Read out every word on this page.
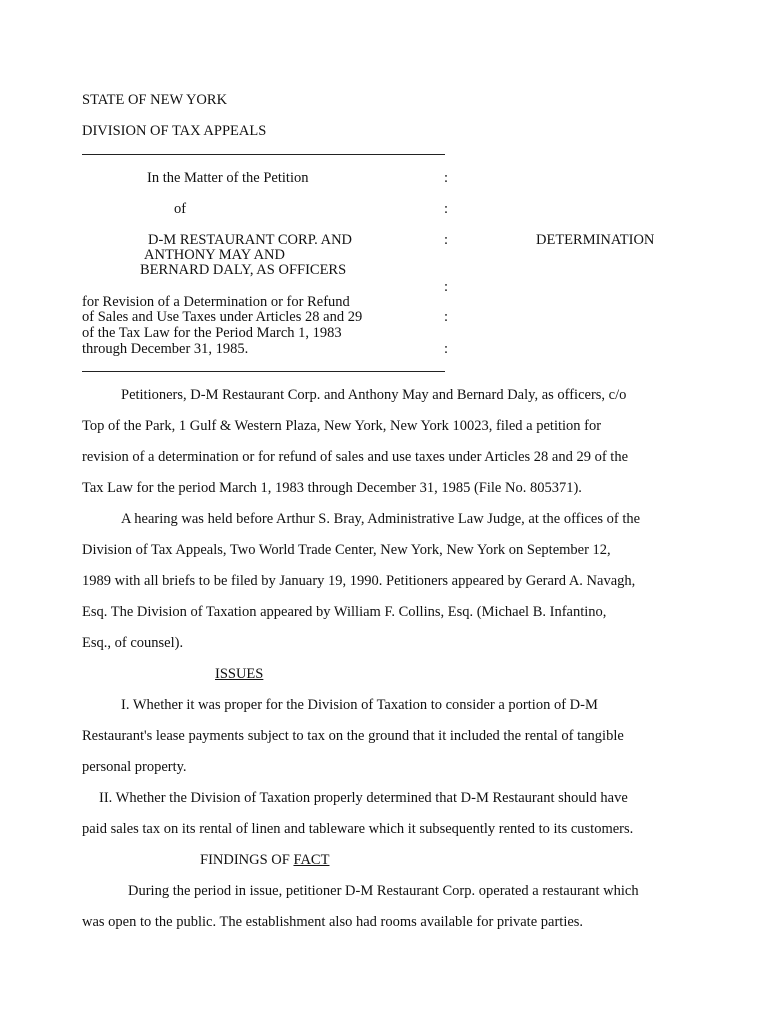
STATE OF NEW YORK
DIVISION OF TAX APPEALS
In the Matter of the Petition
of
D-M RESTAURANT CORP. AND
ANTHONY MAY AND
BERNARD DALY, AS OFFICERS
for Revision of a Determination or for Refund
of Sales and Use Taxes under Articles 28 and 29
of the Tax Law for the Period March 1, 1983
through December 31, 1985.
:
:
:
:
:
:
DETERMINATION
Petitioners, D-M Restaurant Corp. and Anthony May and Bernard Daly, as officers, c/o
Top of the Park, 1 Gulf & Western Plaza, New York, New York 10023, filed a petition for
revision of a determination or for refund of sales and use taxes under Articles 28 and 29 of the
Tax Law for the period March 1, 1983 through December 31, 1985 (File No. 805371).
A hearing was held before Arthur S. Bray, Administrative Law Judge, at the offices of the
Division of Tax Appeals, Two World Trade Center, New York, New York on September 12,
1989 with all briefs to be filed by January 19, 1990. Petitioners appeared by Gerard A. Navagh,
Esq. The Division of Taxation appeared by William F. Collins, Esq. (Michael B. Infantino,
Esq., of counsel).
ISSUES
I. Whether it was proper for the Division of Taxation to consider a portion of D-M
Restaurant's lease payments subject to tax on the ground that it included the rental of tangible
personal property.
II. Whether the Division of Taxation properly determined that D-M Restaurant should have
paid sales tax on its rental of linen and tableware which it subsequently rented to its customers.
FINDINGS OF FACT
During the period in issue, petitioner D-M Restaurant Corp. operated a restaurant which
was open to the public. The establishment also had rooms available for private parties.
